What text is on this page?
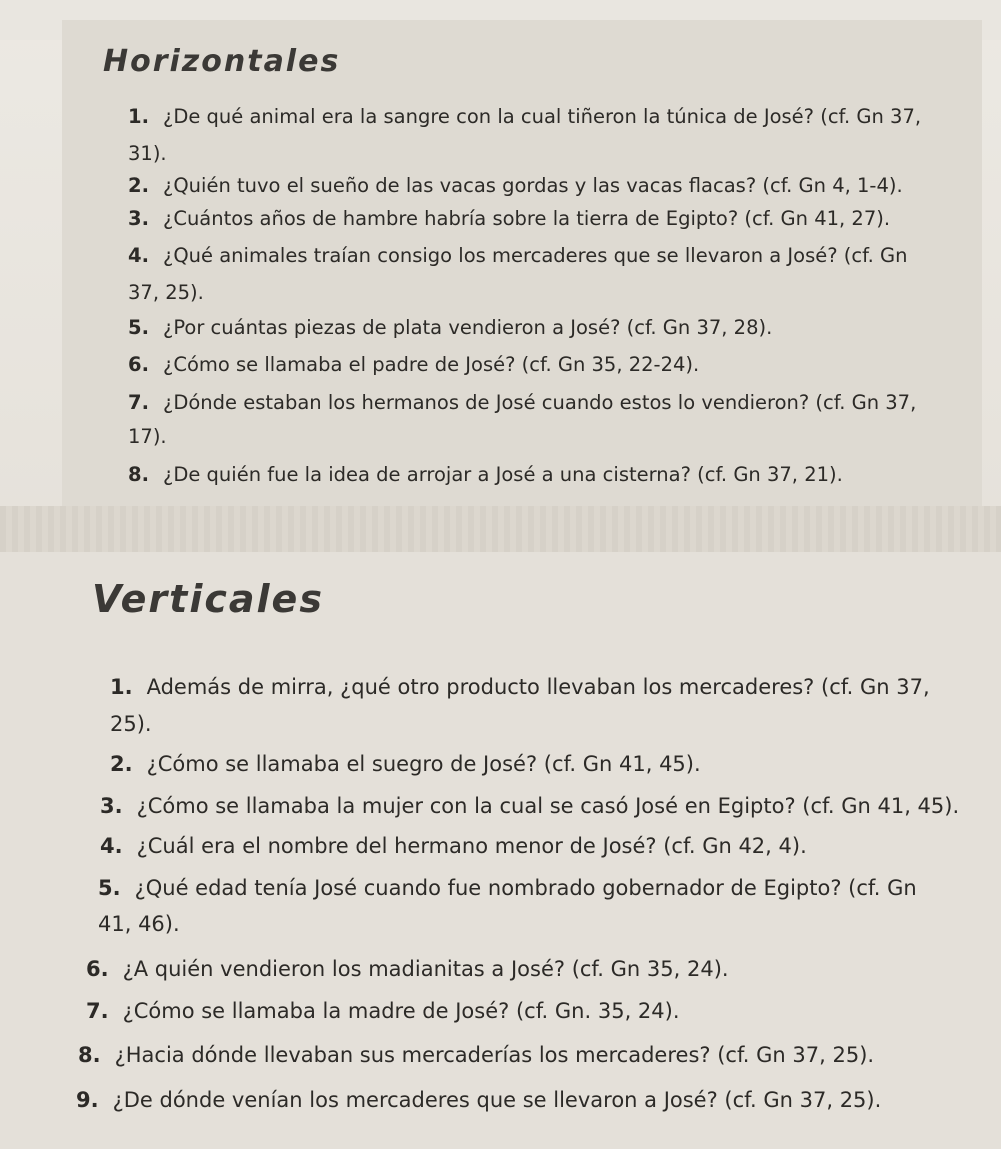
Horizontales
1. ¿De qué animal era la sangre con la cual tiñeron la túnica de José? (cf. Gn 37,
31).
2. ¿Quién tuvo el sueño de las vacas gordas y las vacas flacas? (cf. Gn 4, 1-4).
3. ¿Cuántos años de hambre habría sobre la tierra de Egipto? (cf. Gn 41, 27).
4. ¿Qué animales traían consigo los mercaderes que se llevaron a José? (cf. Gn
37, 25).
5. ¿Por cuántas piezas de plata vendieron a José? (cf. Gn 37, 28).
6. ¿Cómo se llamaba el padre de José? (cf. Gn 35, 22-24).
7. ¿Dónde estaban los hermanos de José cuando estos lo vendieron? (cf. Gn 37,
17).
8. ¿De quién fue la idea de arrojar a José a una cisterna? (cf. Gn 37, 21).
Verticales
1. Además de mirra, ¿qué otro producto llevaban los mercaderes? (cf. Gn 37,
25).
2. ¿Cómo se llamaba el suegro de José? (cf. Gn 41, 45).
3. ¿Cómo se llamaba la mujer con la cual se casó José en Egipto? (cf. Gn 41, 45).
4. ¿Cuál era el nombre del hermano menor de José? (cf. Gn 42, 4).
5. ¿Qué edad tenía José cuando fue nombrado gobernador de Egipto? (cf. Gn
41, 46).
6. ¿A quién vendieron los madianitas a José? (cf. Gn 35, 24).
7. ¿Cómo se llamaba la madre de José? (cf. Gn. 35, 24).
8. ¿Hacia dónde llevaban sus mercaderías los mercaderes? (cf. Gn 37, 25).
9. ¿De dónde venían los mercaderes que se llevaron a José? (cf. Gn 37, 25).
